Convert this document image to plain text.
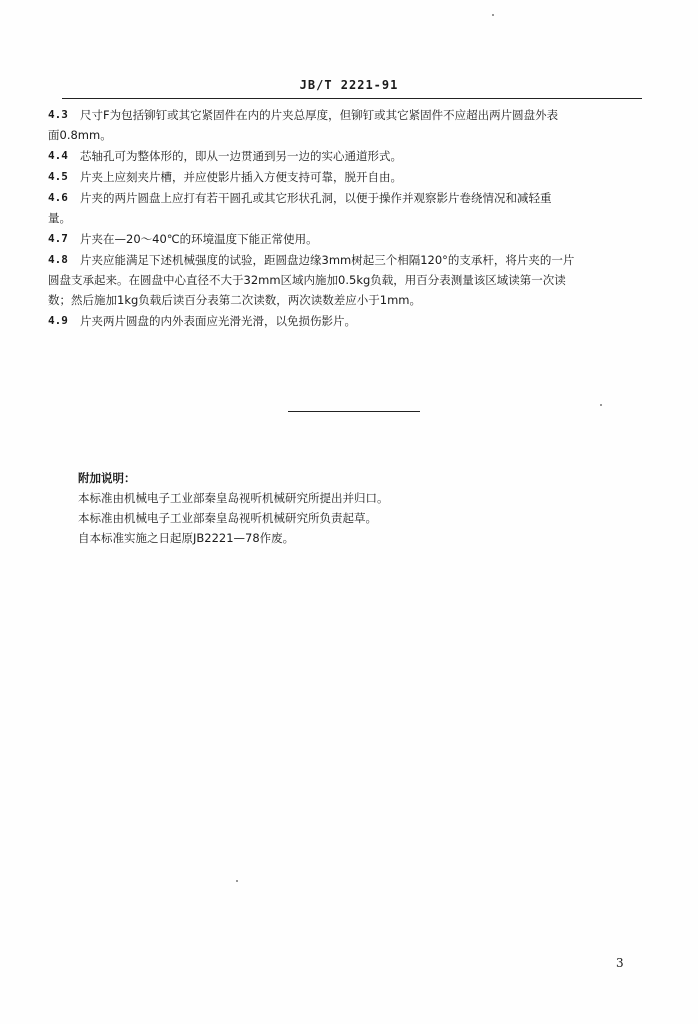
JB/T 2221-91
4.3 尺寸F为包括铆钉或其它紧固件在内的片夹总厚度，但铆钉或其它紧固件不应超出两片圆盘外表
面0.8mm。
4.4 芯轴孔可为整体形的，即从一边贯通到另一边的实心通道形式。
4.5 片夹上应刻夹片槽，并应使影片插入方便支持可靠，脱开自由。
4.6 片夹的两片圆盘上应打有若干圆孔或其它形状孔洞，以便于操作并观察影片卷绕情况和减轻重
量。
4.7 片夹在—20～40℃的环境温度下能正常使用。
4.8 片夹应能满足下述机械强度的试验，距圆盘边缘3mm树起三个相隔120°的支承杆，将片夹的一片
圆盘支承起来。在圆盘中心直径不大于32mm区域内施加0.5kg负载，用百分表测量该区域读第一次读
数；然后施加1kg负载后读百分表第二次读数，两次读数差应小于1mm。
4.9 片夹两片圆盘的内外表面应光滑光滑，以免损伤影片。
附加说明：
本标准由机械电子工业部秦皇岛视听机械研究所提出并归口。
本标准由机械电子工业部秦皇岛视听机械研究所负责起草。
自本标准实施之日起原JB2221—78作废。
3
